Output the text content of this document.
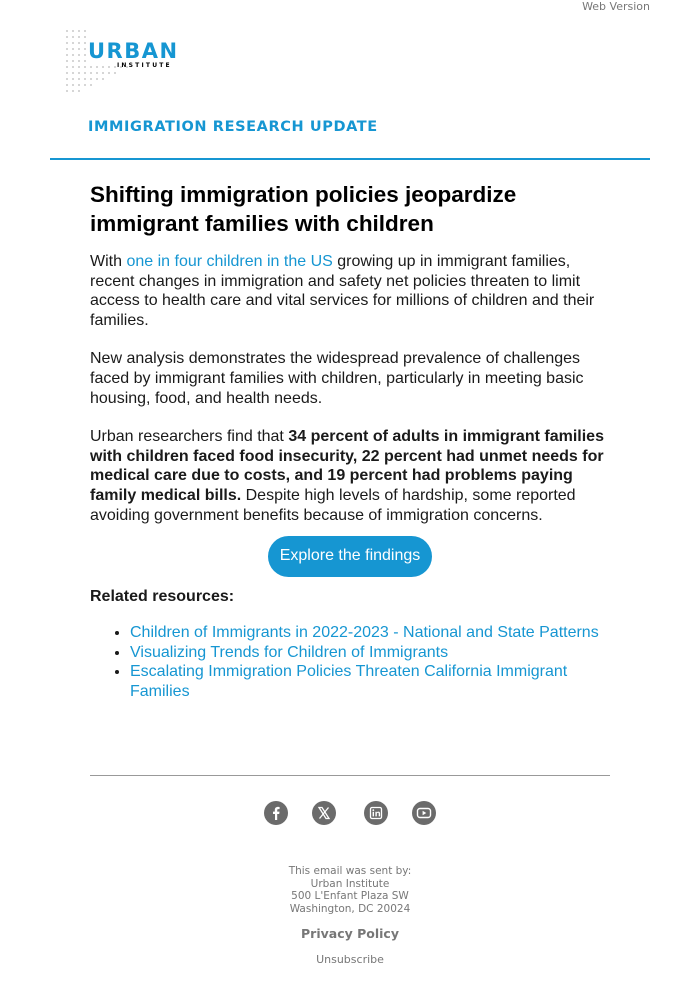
Web Version
URBAN
INSTITUTE
IMMIGRATION RESEARCH UPDATE
Shifting immigration policies jeopardize immigrant families with children

With one in four children in the US growing up in immigrant families, recent changes in immigration and safety net policies threaten to limit access to health care and vital services for millions of children and their families.

New analysis demonstrates the widespread prevalence of challenges faced by immigrant families with children, particularly in meeting basic housing, food, and health needs.

Urban researchers find that 34 percent of adults in immigrant families with children faced food insecurity, 22 percent had unmet needs for medical care due to costs, and 19 percent had problems paying family medical bills. Despite high levels of hardship, some reported avoiding government benefits because of immigration concerns.

Explore the findings
Related resources:
• Children of Immigrants in 2022-2023 - National and State Patterns
• Visualizing Trends for Children of Immigrants
• Escalating Immigration Policies Threaten California Immigrant Families
This email was sent by:
Urban Institute
500 L'Enfant Plaza SW
Washington, DC 20024
Privacy Policy
Unsubscribe
